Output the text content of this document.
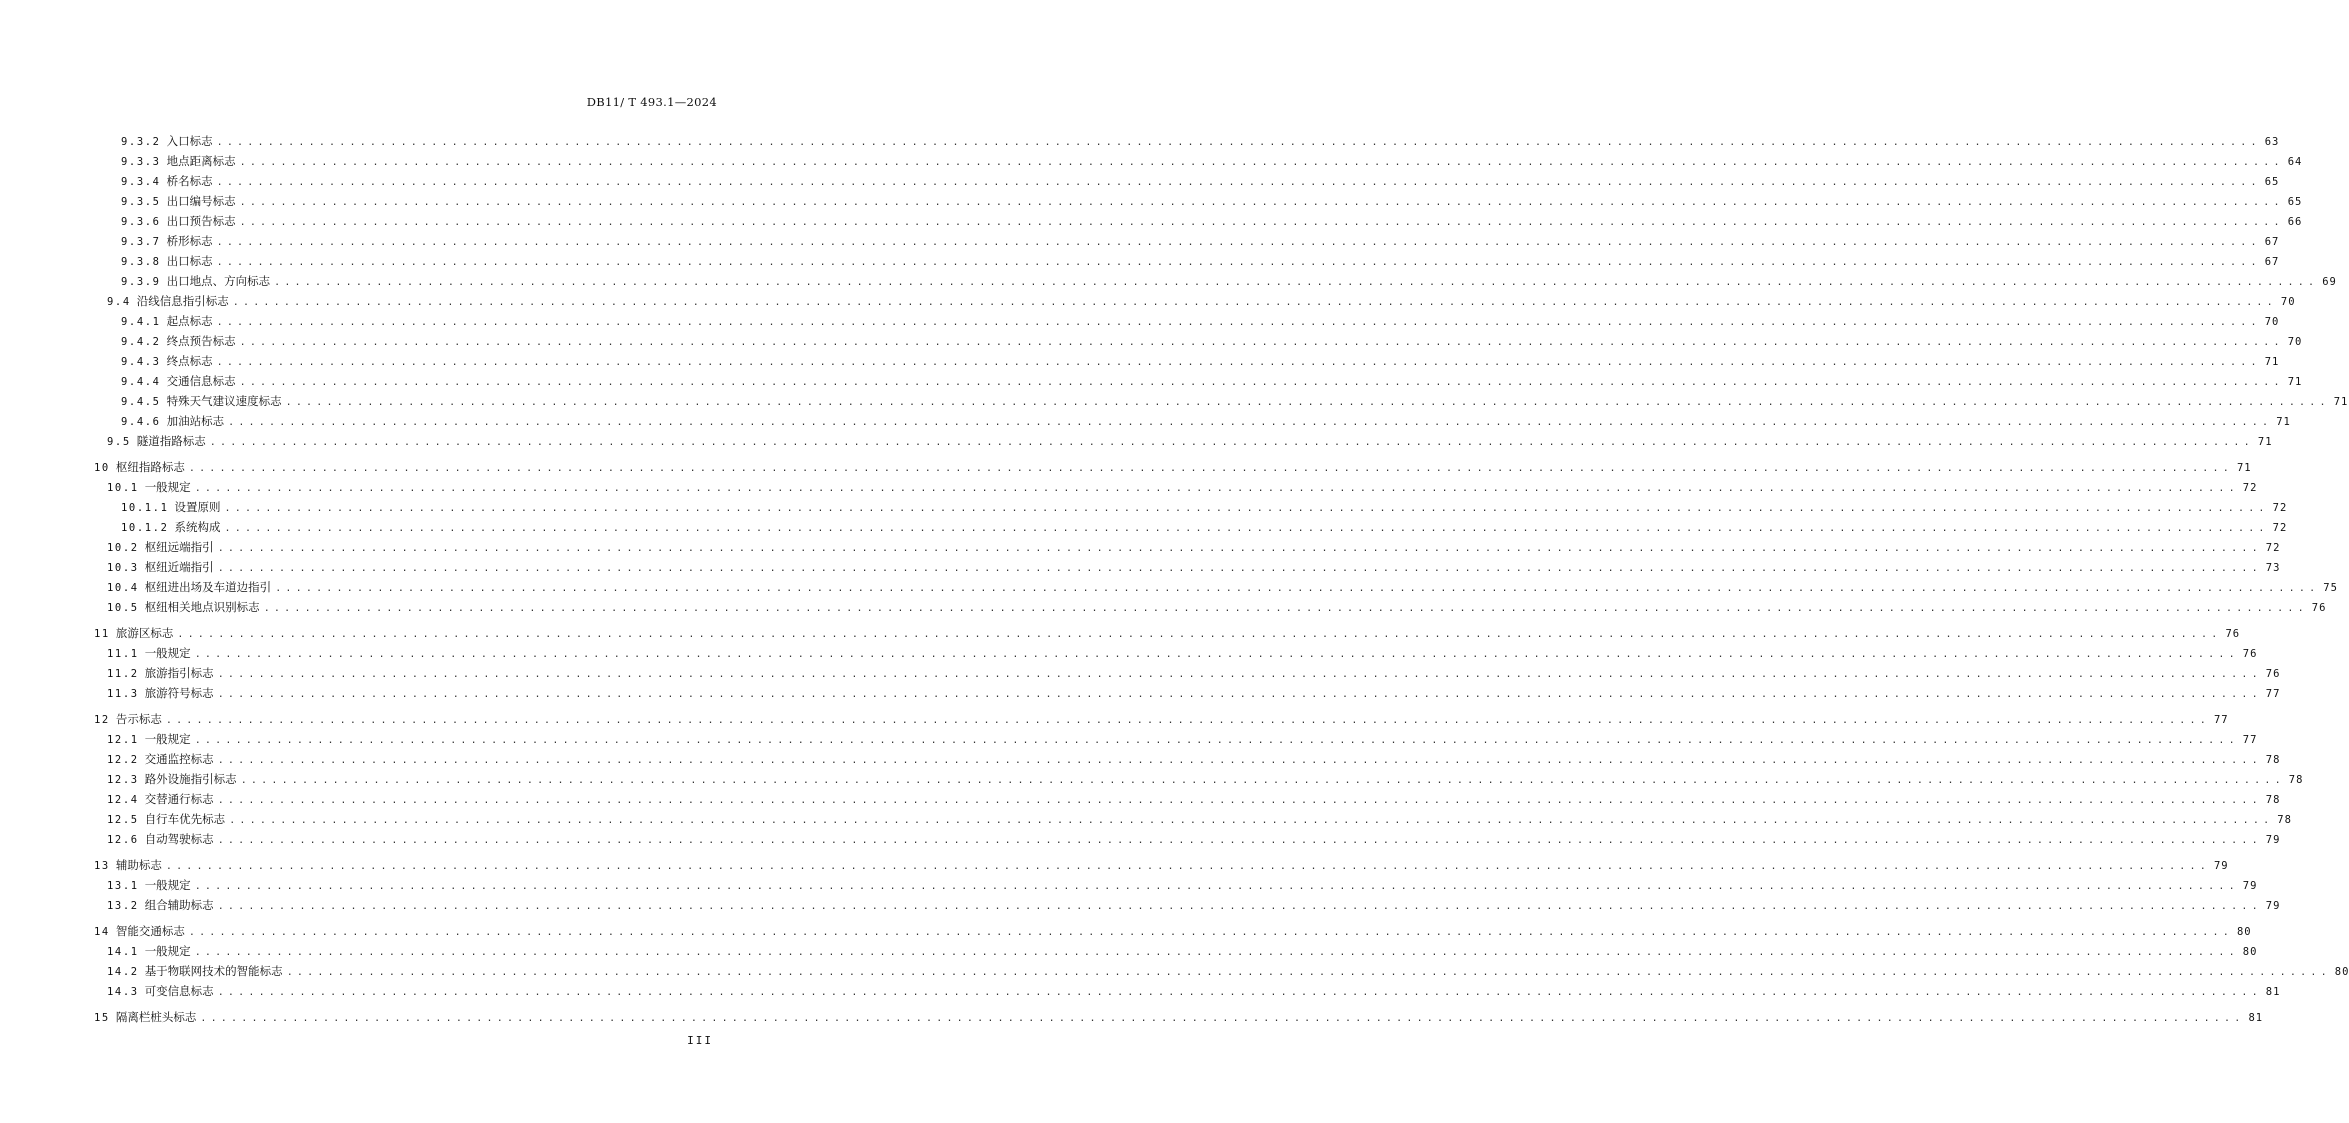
DB11/ T 493.1—2024
9.3.2 入口标志 ........................................................................................................................................................................................................ 63
9.3.3 地点距离标志 ........................................................................................................................................................................................................ 64
9.3.4 桥名标志 ........................................................................................................................................................................................................ 65
9.3.5 出口编号标志 ........................................................................................................................................................................................................ 65
9.3.6 出口预告标志 ........................................................................................................................................................................................................ 66
9.3.7 桥形标志 ........................................................................................................................................................................................................ 67
9.3.8 出口标志 ........................................................................................................................................................................................................ 67
9.3.9 出口地点、方向标志 ........................................................................................................................................................................................................ 69
9.4 沿线信息指引标志 ........................................................................................................................................................................................................ 70
9.4.1 起点标志 ........................................................................................................................................................................................................ 70
9.4.2 终点预告标志 ........................................................................................................................................................................................................ 70
9.4.3 终点标志 ........................................................................................................................................................................................................ 71
9.4.4 交通信息标志 ........................................................................................................................................................................................................ 71
9.4.5 特殊天气建议速度标志 ........................................................................................................................................................................................................ 71
9.4.6 加油站标志 ........................................................................................................................................................................................................ 71
9.5 隧道指路标志 ........................................................................................................................................................................................................ 71
10 枢纽指路标志 ........................................................................................................................................................................................................ 71
10.1 一般规定 ........................................................................................................................................................................................................ 72
10.1.1 设置原则 ........................................................................................................................................................................................................ 72
10.1.2 系统构成 ........................................................................................................................................................................................................ 72
10.2 枢纽远端指引 ........................................................................................................................................................................................................ 72
10.3 枢纽近端指引 ........................................................................................................................................................................................................ 73
10.4 枢纽进出场及车道边指引 ........................................................................................................................................................................................................ 75
10.5 枢纽相关地点识别标志 ........................................................................................................................................................................................................ 76
11 旅游区标志 ........................................................................................................................................................................................................ 76
11.1 一般规定 ........................................................................................................................................................................................................ 76
11.2 旅游指引标志 ........................................................................................................................................................................................................ 76
11.3 旅游符号标志 ........................................................................................................................................................................................................ 77
12 告示标志 ........................................................................................................................................................................................................ 77
12.1 一般规定 ........................................................................................................................................................................................................ 77
12.2 交通监控标志 ........................................................................................................................................................................................................ 78
12.3 路外设施指引标志 ........................................................................................................................................................................................................ 78
12.4 交替通行标志 ........................................................................................................................................................................................................ 78
12.5 自行车优先标志 ........................................................................................................................................................................................................ 78
12.6 自动驾驶标志 ........................................................................................................................................................................................................ 79
13 辅助标志 ........................................................................................................................................................................................................ 79
13.1 一般规定 ........................................................................................................................................................................................................ 79
13.2 组合辅助标志 ........................................................................................................................................................................................................ 79
14 智能交通标志 ........................................................................................................................................................................................................ 80
14.1 一般规定 ........................................................................................................................................................................................................ 80
14.2 基于物联网技术的智能标志 ........................................................................................................................................................................................................ 80
14.3 可变信息标志 ........................................................................................................................................................................................................ 81
15 隔离栏桩头标志 ........................................................................................................................................................................................................ 81
III
